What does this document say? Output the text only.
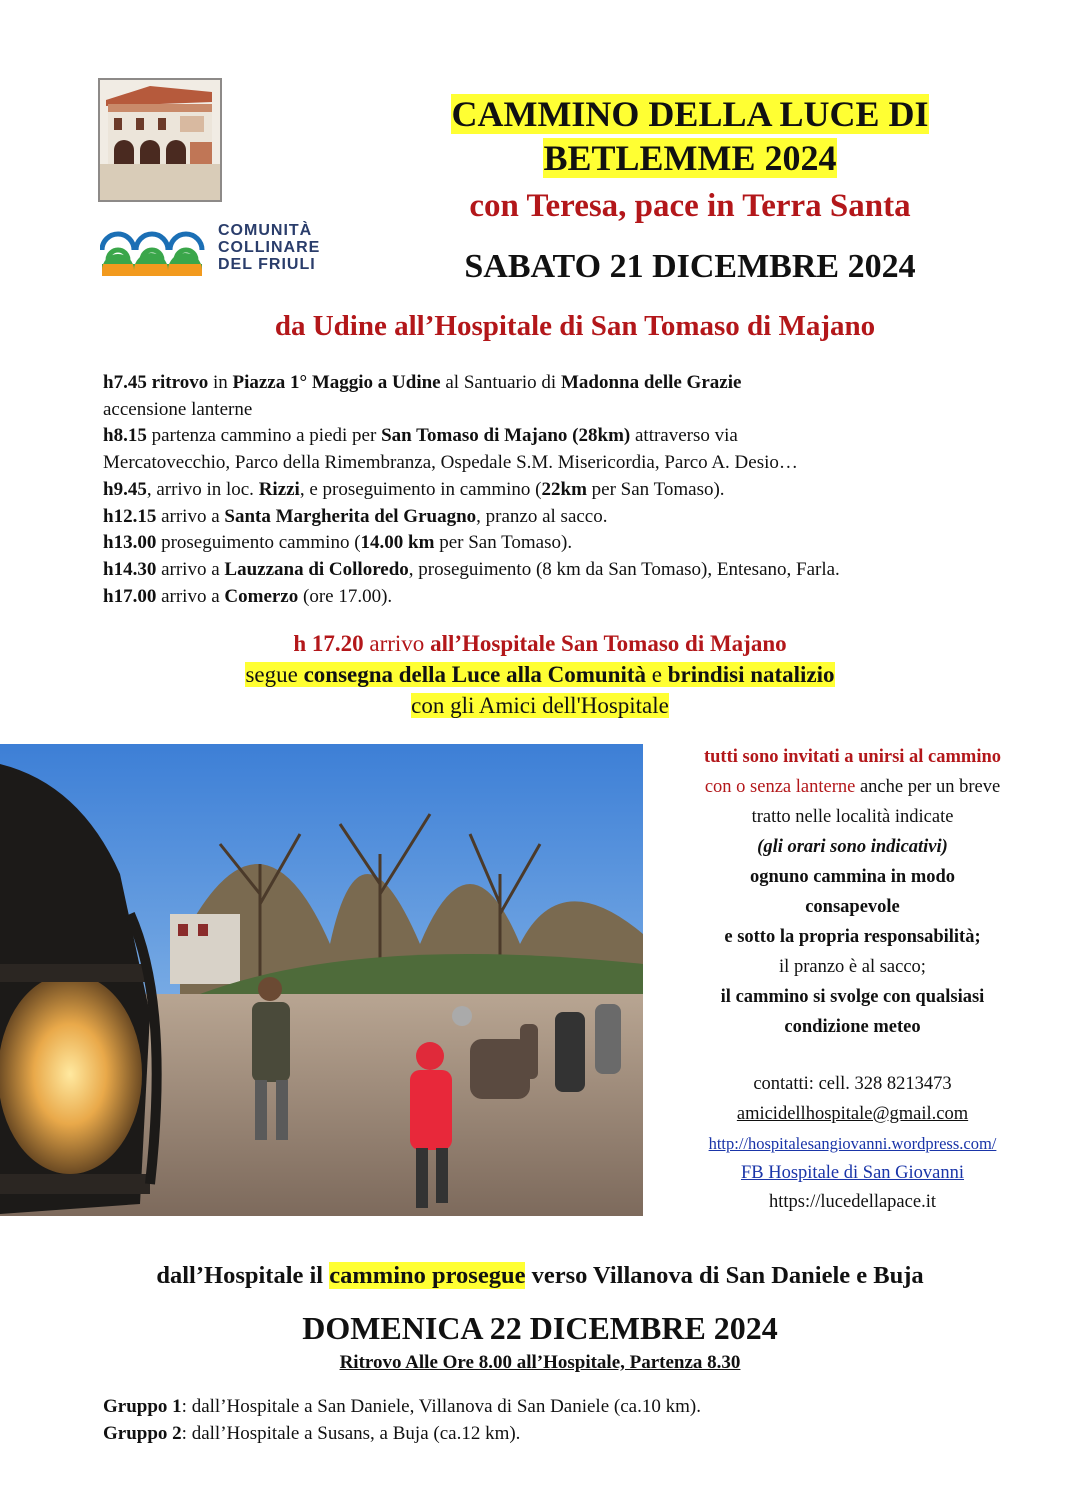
COMUNITÀ
COLLINARE
DEL FRIULI
CAMMINO DELLA LUCE DI
BETLEMME 2024
con Teresa, pace in Terra Santa
SABATO 21 DICEMBRE 2024
da Udine all’Hospitale di San Tomaso di Majano

h7.45 ritrovo in Piazza 1° Maggio a Udine al Santuario di Madonna delle Grazie

accensione lanterne

h8.15 partenza cammino a piedi per San Tomaso di Majano (28km) attraverso via

Mercatovecchio, Parco della Rimembranza, Ospedale S.M. Misericordia, Parco A. Desio…

h9.45, arrivo in loc. Rizzi, e proseguimento in cammino (22km per San Tomaso).

h12.15 arrivo a Santa Margherita del Gruagno, pranzo al sacco.

h13.00 proseguimento cammino (14.00 km per San Tomaso).

h14.30 arrivo a Lauzzana di Colloredo, proseguimento (8 km da San Tomaso), Entesano, Farla.

h17.00 arrivo a Comerzo (ore 17.00).

h 17.20 arrivo all’Hospitale San Tomaso di Majano
segue consegna della Luce alla Comunità e brindisi natalizio
con gli Amici dell'Hospitale

tutti sono invitati a unirsi al cammino

con o senza lanterne anche per un breve

tratto nelle località indicate

(gli orari sono indicativi)

ognuno cammina in modo

consapevole

e sotto la propria responsabilità;

il pranzo è al sacco;

il cammino si svolge con qualsiasi

condizione meteo

contatti: cell. 328 8213473

amicidellhospitale@gmail.com

http://hospitalesangiovanni.wordpress.com/

FB Hospitale di San Giovanni

https://lucedellapace.it

dall’Hospitale il cammino prosegue verso Villanova di San Daniele e Buja
DOMENICA 22 DICEMBRE 2024
Ritrovo Alle Ore 8.00 all’Hospitale, Partenza 8.30

Gruppo 1: dall’Hospitale a San Daniele, Villanova di San Daniele (ca.10 km).

Gruppo 2: dall’Hospitale a Susans, a Buja (ca.12 km).
